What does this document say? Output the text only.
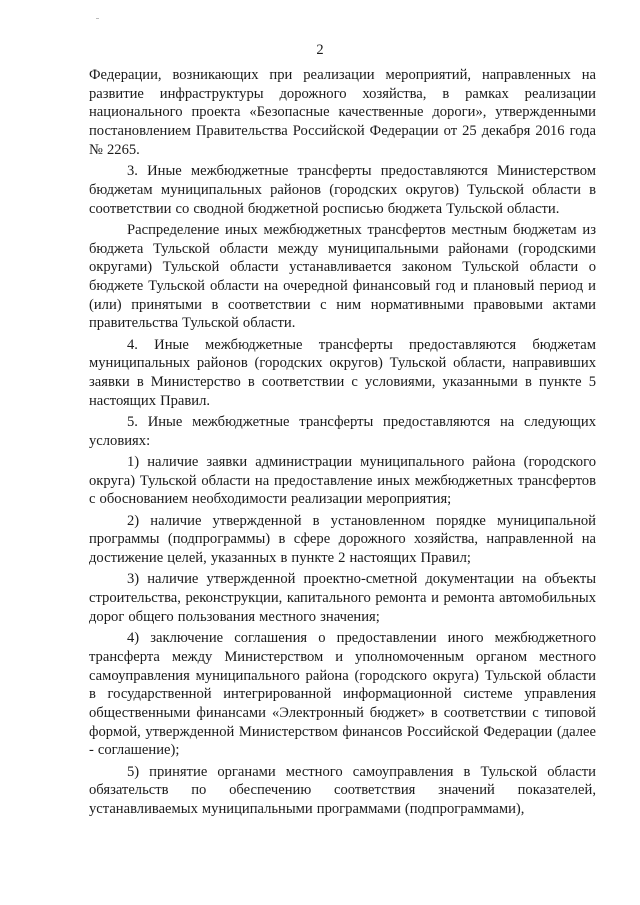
2

Федерации, возникающих при реализации мероприятий, направленных на развитие инфраструктуры дорожного хозяйства, в рамках реализации национального проекта «Безопасные качественные дороги», утвержденными постановлением Правительства Российской Федерации от 25 декабря 2016 года № 2265.

3. Иные межбюджетные трансферты предоставляются Министерством бюджетам муниципальных районов (городских округов) Тульской области в соответствии со сводной бюджетной росписью бюджета Тульской области.

Распределение иных межбюджетных трансфертов местным бюджетам из бюджета Тульской области между муниципальными районами (городскими округами) Тульской области устанавливается законом Тульской области о бюджете Тульской области на очередной финансовый год и плановый период и (или) принятыми в соответствии с ним нормативными правовыми актами правительства Тульской области.

4. Иные межбюджетные трансферты предоставляются бюджетам муниципальных районов (городских округов) Тульской области, направивших заявки в Министерство в соответствии с условиями, указанными в пункте 5 настоящих Правил.

5. Иные межбюджетные трансферты предоставляются на следующих условиях:

1) наличие заявки администрации муниципального района (городского округа) Тульской области на предоставление иных межбюджетных трансфертов с обоснованием необходимости реализации мероприятия;

2) наличие утвержденной в установленном порядке муниципальной программы (подпрограммы) в сфере дорожного хозяйства, направленной на достижение целей, указанных в пункте 2 настоящих Правил;

3) наличие утвержденной проектно-сметной документации на объекты строительства, реконструкции, капитального ремонта и ремонта автомобильных дорог общего пользования местного значения;

4) заключение соглашения о предоставлении иного межбюджетного трансферта между Министерством и уполномоченным органом местного самоуправления муниципального района (городского округа) Тульской области в государственной интегрированной информационной системе управления общественными финансами «Электронный бюджет» в соответствии с типовой формой, утвержденной Министерством финансов Российской Федерации (далее - соглашение);

5) принятие органами местного самоуправления в Тульской области обязательств по обеспечению соответствия значений показателей, устанавливаемых муниципальными программами (подпрограммами),
